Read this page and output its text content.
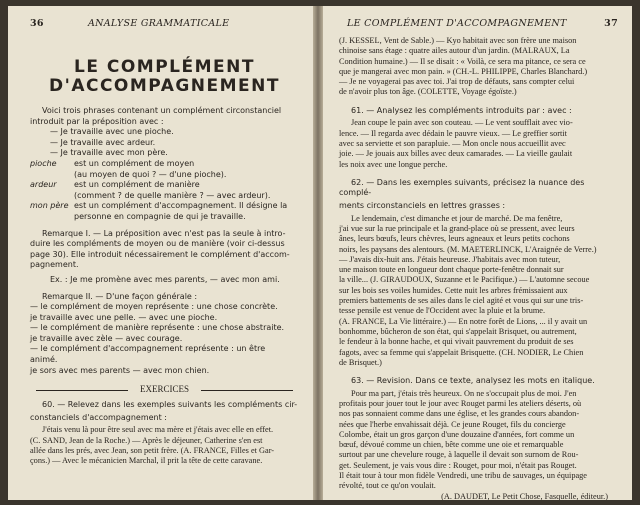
36	ANALYSE GRAMMATICALE
LE COMPLÉMENT
D'ACCOMPAGNEMENT

Voici trois phrases contenant un complément circonstanciel

introduit par la préposition avec :

— Je travaille avec une pioche.

— Je travaille avec ardeur.

— Je travaille avec mon père.

pioche	est un complément de moyen
(au moyen de quoi ? — d'une pioche).
ardeur	est un complément de manière
(comment ? de quelle manière ? — avec ardeur).
mon père est un complément d'accompagnement. Il désigne la
personne en compagnie de qui je travaille.

Remarque I. — La préposition avec n'est pas la seule à intro-

duire les compléments de moyen ou de manière (voir ci-dessus

page 30). Elle introduit nécessairement le complément d'accom-

pagnement.

Ex. : Je me promène avec mes parents, — avec mon ami.

Remarque II. — D'une façon générale :

— le complément de moyen représente : une chose concrète.

je travaille avec une pelle. — avec une pioche.

— le complément de manière représente : une chose abstraite.

je travaille avec zèle — avec courage.

— le complément d'accompagnement représente : un être

animé.

je sors avec mes parents — avec mon chien.

EXERCICES

60. — Relevez dans les exemples suivants les compléments cir-

constanciels d'accompagnement :

J'étais venu là pour être seul avec ma mère et j'étais avec elle en effet.

(C. SAND, Jean de la Roche.) — Après le déjeuner, Catherine s'en est

allée dans les prés, avec Jean, son petit frère. (A. FRANCE, Filles et Gar-

çons.) — Avec le mécanicien Marchal, il prit la tête de cette caravane.

LE COMPLÉMENT D'ACCOMPAGNEMENT	37

(J. KESSEL, Vent de Sable.) — Kyo habitait avec son frère une maison

chinoise sans étage : quatre ailes autour d'un jardin. (MALRAUX, La

Condition humaine.) — Il se disait : « Voilà, ce sera ma pitance, ce sera ce

que je mangerai avec mon pain. » (CH.-L. PHILIPPE, Charles Blanchard.)

— Je ne voyagerai pas avec toi. J'ai trop de défauts, sans compter celui

de n'avoir plus ton âge. (COLETTE, Voyage égoïste.)

61. — Analysez les compléments introduits par : avec :

Jean coupe le pain avec son couteau. — Le vent soufflait avec vio-

lence. — Il regarda avec dédain le pauvre vieux. — Le greffier sortit

avec sa serviette et son parapluie. — Mon oncle nous accueillit avec

joie. — Je jouais aux billes avec deux camarades. — La vieille gaulait

les noix avec une longue perche.

62. — Dans les exemples suivants, précisez la nuance des complé-

ments circonstanciels en lettres grasses :

Le lendemain, c'est dimanche et jour de marché. De ma fenêtre,

j'ai vue sur la rue principale et la grand-place où se pressent, avec leurs

ânes, leurs bœufs, leurs chèvres, leurs agneaux et leurs petits cochons

noirs, les paysans des alentours. (M. MAETERLINCK, L'Araignée de Verre.)

— J'avais dix-huit ans. J'étais heureuse. J'habitais avec mon tuteur,

une maison toute en longueur dont chaque porte-fenêtre donnait sur

la ville... (J. GIRAUDOUX, Suzanne et le Pacifique.) — L'automne secoue

sur les bois ses voiles humides. Cette nuit les arbres frémissaient aux

premiers battements de ses ailes dans le ciel agité et vous qui sur une tris-

tesse pensile est venue de l'Occident avec la pluie et la brume.

(A. FRANCE, La Vie littéraire.) — En notre forêt de Lions, ... il y avait un

bonhomme, bûcheron de son état, qui s'appelait Brisquet, ou autrement,

le fendeur à la bonne hache, et qui vivait pauvrement du produit de ses

fagots, avec sa femme qui s'appelait Brisquette. (CH. NODIER, Le Chien

de Brisquet.)

63. — Revision. Dans ce texte, analysez les mots en italique.

Pour ma part, j'étais très heureux. On ne s'occupait plus de moi. J'en

profitais pour jouer tout le jour avec Rouget parmi les ateliers déserts, où

nos pas sonnaient comme dans une église, et les grandes cours abandon-

nées que l'herbe envahissait déjà. Ce jeune Rouget, fils du concierge

Colombe, était un gros garçon d'une douzaine d'années, fort comme un

bœuf, dévoué comme un chien, bête comme une oie et remarquable

surtout par une chevelure rouge, à laquelle il devait son surnom de Rou-

get. Seulement, je vais vous dire : Rouget, pour moi, n'était pas Rouget.

Il était tour à tour mon fidèle Vendredi, une tribu de sauvages, un équipage

révolté, tout ce qu'on voulait.

(A. DAUDET, Le Petit Chose, Fasquelle, éditeur.)
